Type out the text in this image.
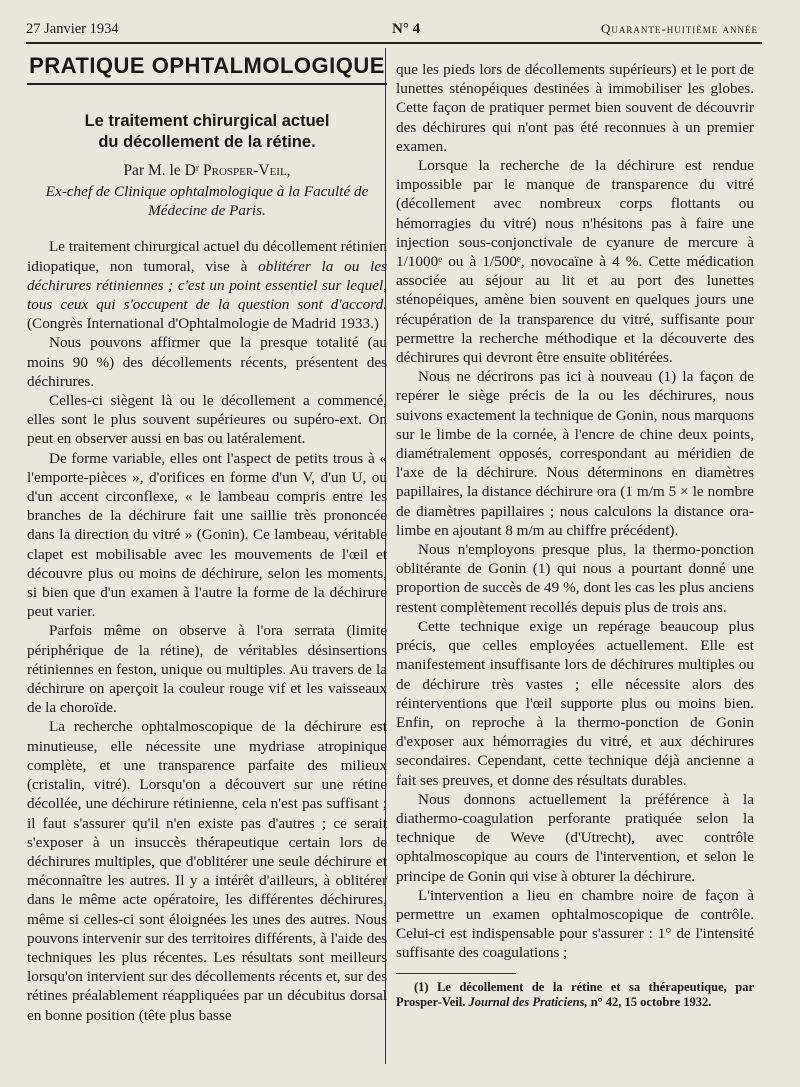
27 Janvier 1934	N° 4	Quarante-huitième année
PRATIQUE OPHTALMOLOGIQUE
Le traitement chirurgical actuel
du décollement de la rétine.
Par M. le Dʳ Prosper-Veil,
Ex-chef de Clinique ophtalmologique à la Faculté de Médecine de Paris.

Le traitement chirurgical actuel du décollement rétinien idiopatique, non tumoral, vise à oblitérer la ou les déchirures rétiniennes ; c'est un point essentiel sur lequel, tous ceux qui s'occupent de la question sont d'accord. (Congrès International d'Ophtalmologie de Madrid 1933.)

Nous pouvons affirmer que la presque totalité (au moins 90 %) des décollements récents, présentent des déchirures.

Celles-ci siègent là ou le décollement a commencé, elles sont le plus souvent supérieures ou supéro-ext. On peut en observer aussi en bas ou latéralement.

De forme variable, elles ont l'aspect de petits trous à « l'emporte-pièces », d'orifices en forme d'un V, d'un U, ou d'un accent circonflexe, « le lambeau compris entre les branches de la déchirure fait une saillie très prononcée dans la direction du vitré » (Gonin). Ce lambeau, véritable clapet est mobilisable avec les mouvements de l'œil et découvre plus ou moins de déchirure, selon les moments, si bien que d'un examen à l'autre la forme de la déchirure peut varier.

Parfois même on observe à l'ora serrata (limite périphérique de la rétine), de véritables désinsertions rétiniennes en feston, unique ou multiples. Au travers de la déchirure on aperçoit la couleur rouge vif et les vaisseaux de la choroïde.

La recherche ophtalmoscopique de la déchirure est minutieuse, elle nécessite une mydriase atropinique complète, et une transparence parfaite des milieux (cristalin, vitré). Lorsqu'on a découvert sur une rétine décollée, une déchirure rétinienne, cela n'est pas suffisant ; il faut s'assurer qu'il n'en existe pas d'autres ; ce serait s'exposer à un insuccès thérapeutique certain lors de déchirures multiples, que d'oblitérer une seule déchirure et méconnaître les autres. Il y a intérêt d'ailleurs, à oblitérer dans le même acte opératoire, les différentes déchirures, même si celles-ci sont éloignées les unes des autres. Nous pouvons intervenir sur des territoires différents, à l'aide des techniques les plus récentes. Les résultats sont meilleurs lorsqu'on intervient sur des décollements récents et, sur des rétines préalablement réappliquées par un décubitus dorsal en bonne position (tête plus basse

que les pieds lors de décollements supérieurs) et le port de lunettes sténopéiques destinées à immobiliser les globes. Cette façon de pratiquer permet bien souvent de découvrir des déchirures qui n'ont pas été reconnues à un premier examen.

Lorsque la recherche de la déchirure est rendue impossible par le manque de transparence du vitré (décollement avec nombreux corps flottants ou hémorragies du vitré) nous n'hésitons pas à faire une injection sous-conjonctivale de cyanure de mercure à 1/1000ᵉ ou à 1/500ᵉ, novocaïne à 4 %. Cette médication associée au séjour au lit et au port des lunettes sténopéiques, amène bien souvent en quelques jours une récupération de la transparence du vitré, suffisante pour permettre la recherche méthodique et la découverte des déchirures qui devront être ensuite oblitérées.

Nous ne décrirons pas ici à nouveau (1) la façon de repérer le siège précis de la ou les déchirures, nous suivons exactement la technique de Gonin, nous marquons sur le limbe de la cornée, à l'encre de chine deux points, diamétralement opposés, correspondant au méridien de l'axe de la déchirure. Nous déterminons en diamètres papillaires, la distance déchirure ora (1 m/m 5 × le nombre de diamètres papillaires ; nous calculons la distance ora-limbe en ajoutant 8 m/m au chiffre précédent).

Nous n'employons presque plus, la thermo-ponction oblitérante de Gonin (1) qui nous a pourtant donné une proportion de succès de 49 %, dont les cas les plus anciens restent complètement recollés depuis plus de trois ans.

Cette technique exige un repérage beaucoup plus précis, que celles employées actuellement. Elle est manifestement insuffisante lors de déchirures multiples ou de déchirure très vastes ; elle nécessite alors des réinterventions que l'œil supporte plus ou moins bien. Enfin, on reproche à la thermo-ponction de Gonin d'exposer aux hémorragies du vitré, et aux déchirures secondaires. Cependant, cette technique déjà ancienne a fait ses preuves, et donne des résultats durables.

Nous donnons actuellement la préférence à la diathermo-coagulation perforante pratiquée selon la technique de Weve (d'Utrecht), avec contrôle ophtalmoscopique au cours de l'intervention, et selon le principe de Gonin qui vise à obturer la déchirure.

L'intervention a lieu en chambre noire de façon à permettre un examen ophtalmoscopique de contrôle. Celui-ci est indispensable pour s'assurer : 1° de l'intensité suffisante des coagulations ;

(1) Le décollement de la rétine et sa thérapeutique, par Prosper-Veil. Journal des Praticiens, n° 42, 15 octobre 1932.
